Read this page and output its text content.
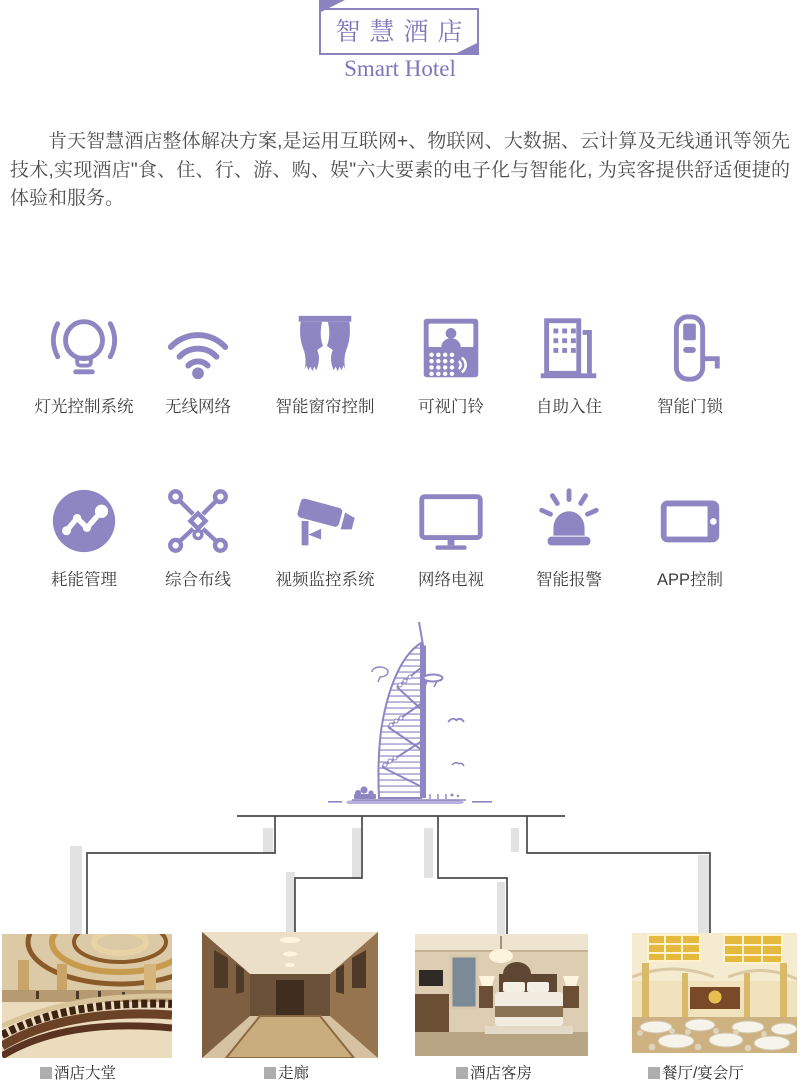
智慧酒店
Smart Hotel
肯天智慧酒店整体解决方案,是运用互联网+、物联网、大数据、云计算及无线通讯等领先技术,实现酒店"食、住、行、游、购、娱"六大要素的电子化与智能化, 为宾客提供舒适便捷的体验和服务。
灯光控制系统	无线网络	智能窗帘控制	可视门铃	自助入住	智能门锁
耗能管理	综合布线	视频监控系统	网络电视	智能报警	APP控制
酒店大堂	走廊	酒店客房	餐厅/宴会厅
